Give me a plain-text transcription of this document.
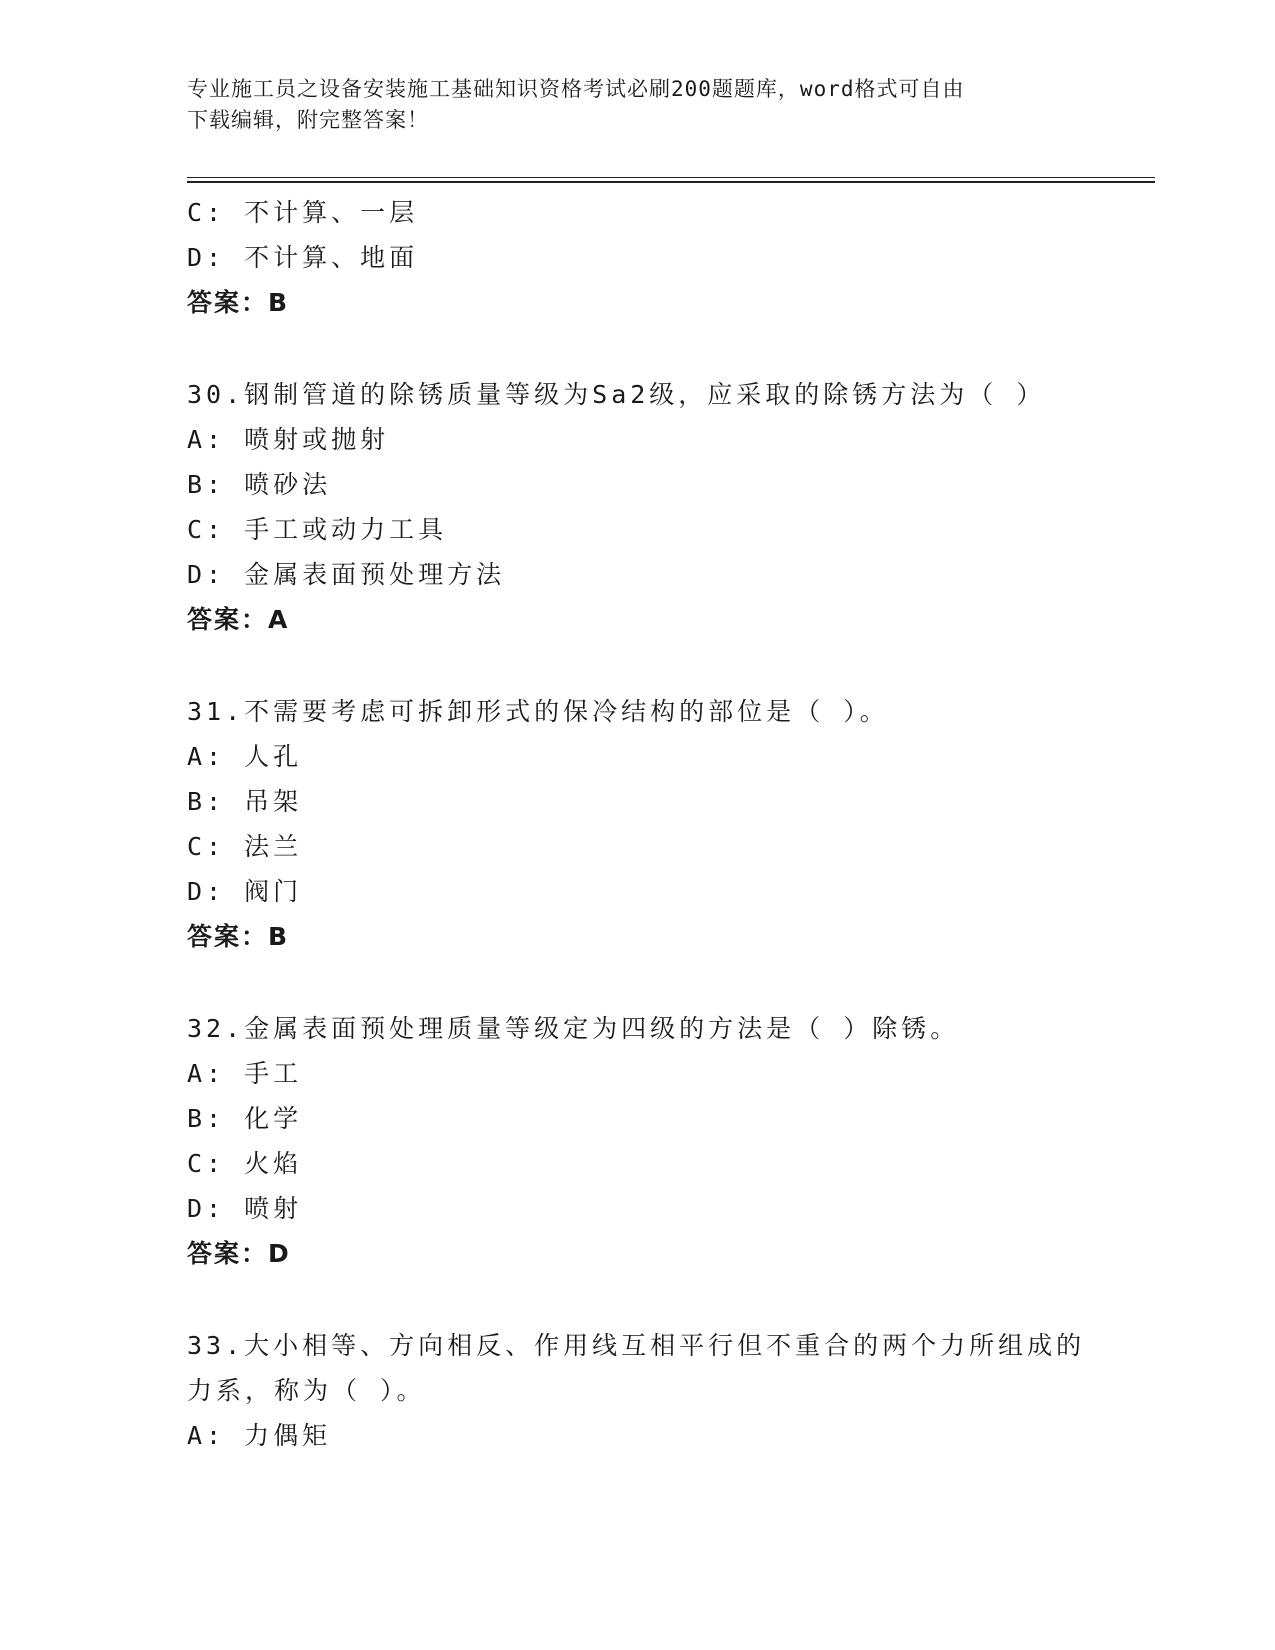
专业施工员之设备安装施工基础知识资格考试必刷200题题库，word格式可自由
下载编辑，附完整答案！
C: 不计算、一层
D: 不计算、地面
答案：B
30.钢制管道的除锈质量等级为Sa2级，应采取的除锈方法为（ ）
A: 喷射或抛射
B: 喷砂法
C: 手工或动力工具
D: 金属表面预处理方法
答案：A
31.不需要考虑可拆卸形式的保冷结构的部位是（ ）。
A: 人孔
B: 吊架
C: 法兰
D: 阀门
答案：B
32.金属表面预处理质量等级定为四级的方法是（ ）除锈。
A: 手工
B: 化学
C: 火焰
D: 喷射
答案：D
33.大小相等、方向相反、作用线互相平行但不重合的两个力所组成的
力系，称为（ ）。
A: 力偶矩
